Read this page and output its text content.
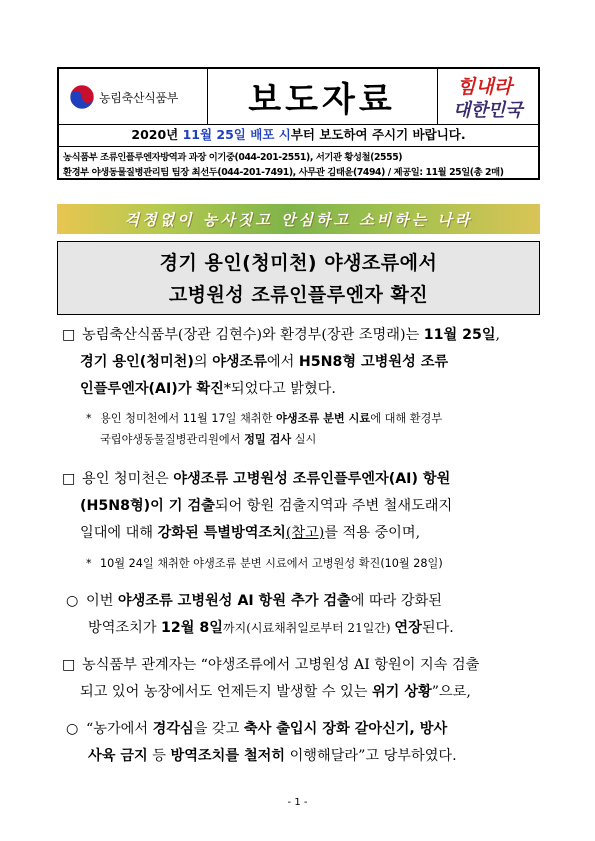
농림축산식품부	보도자료	힘내라
대한민국
2020년 11월 25일 배포 시부터 보도하여 주시기 바랍니다.
농식품부 조류인플루엔자방역과 과장 이기중(044-201-2551), 서기관 황성철(2555)
환경부 야생동물질병관리팀 팀장 최선두(044-201-7491), 사무관 김태윤(7494) / 제공일: 11월 25일(총 2매)
걱정없이 농사짓고 안심하고 소비하는 나라
경기 용인(청미천) 야생조류에서
고병원성 조류인플루엔자 확진
□ 농림축산식품부(장관 김현수)와 환경부(장관 조명래)는 11월 25일,
경기 용인(청미천)의 야생조류에서 H5N8형 고병원성 조류
인플루엔자(AI)가 확진*되었다고 밝혔다.
* 용인 청미천에서 11월 17일 채취한 야생조류 분변 시료에 대해 환경부
국립야생동물질병관리원에서 정밀 검사 실시
□ 용인 청미천은 야생조류 고병원성 조류인플루엔자(AI) 항원
(H5N8형)이 기 검출되어 항원 검출지역과 주변 철새도래지
일대에 대해 강화된 특별방역조치(참고)를 적용 중이며,
* 10월 24일 채취한 야생조류 분변 시료에서 고병원성 확진(10월 28일)
○ 이번 야생조류 고병원성 AI 항원 추가 검출에 따라 강화된
방역조치가 12월 8일까지(시료채취일로부터 21일간) 연장된다.
□ 농식품부 관계자는 “야생조류에서 고병원성 AI 항원이 지속 검출
되고 있어 농장에서도 언제든지 발생할 수 있는 위기 상황”으로,
○ “농가에서 경각심을 갖고 축사 출입시 장화 갈아신기, 방사
사육 금지 등 방역조치를 철저히 이행해달라”고 당부하였다.
- 1 -
